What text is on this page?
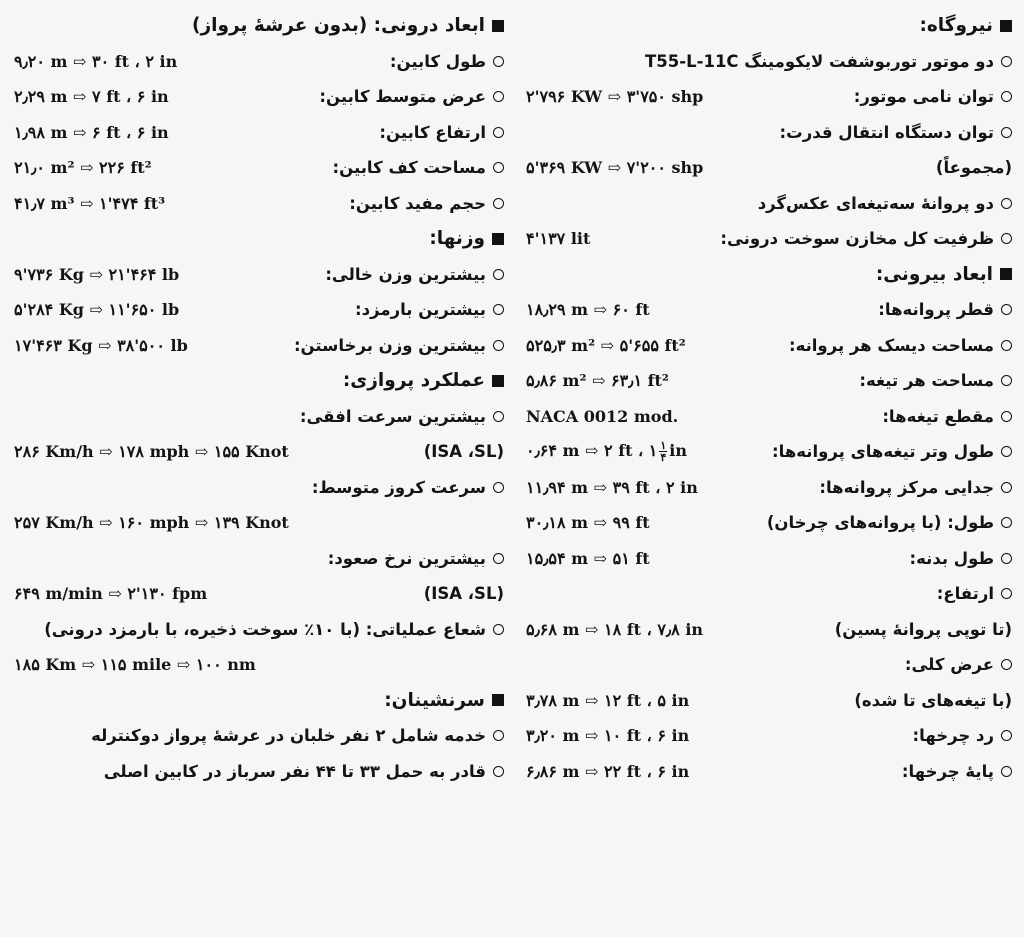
نیروگاه:
دو موتور توربوشفت لایکومینگ T55-L-11C
توان نامی موتور:
۲'۷۹۶ KW ⇨ ۳'۷۵۰ shp
توان دستگاه انتقال قدرت:
(مجموعاً)
۵'۳۶۹ KW ⇨ ۷'۲۰۰ shp
دو پروانهٔ سه‌تیغه‌ای عکس‌گرد
ظرفیت کل مخازن سوخت درونی:
۴'۱۳۷ lit
ابعاد بیرونی:
قطر پروانه‌ها:
۱۸٫۲۹ m ⇨ ۶۰ ft
مساحت دیسک هر پروانه:
۵۲۵٫۳ m² ⇨ ۵'۶۵۵ ft²
مساحت هر تیغه:
۵٫۸۶ m² ⇨ ۶۳٫۱ ft²
مقطع تیغه‌ها:
NACA 0012 mod.
طول وتر تیغه‌های پروانه‌ها:
۰٫۶۴ m ⇨ ۲ ft ، ۱ $\frac{۱}{۴}$ in
جدایی مرکز پروانه‌ها:
۱۱٫۹۴ m ⇨ ۳۹ ft ، ۲ in
طول: (با پروانه‌های چرخان)
۳۰٫۱۸ m ⇨ ۹۹ ft
طول بدنه:
۱۵٫۵۴ m ⇨ ۵۱ ft
ارتفاع:
(تا توپی پروانهٔ پسین)
۵٫۶۸ m ⇨ ۱۸ ft ، ۷٫۸ in
عرض کلی:
(با تیغه‌های تا شده)
۳٫۷۸ m ⇨ ۱۲ ft ، ۵ in
رد چرخها:
۳٫۲۰ m ⇨ ۱۰ ft ، ۶ in
پایهٔ چرخها:
۶٫۸۶ m ⇨ ۲۲ ft ، ۶ in
ابعاد درونی: (بدون عرشهٔ پرواز)
طول کابین:
۹٫۲۰ m ⇨ ۳۰ ft ، ۲ in
عرض متوسط کابین:
۲٫۲۹ m ⇨ ۷ ft ، ۶ in
ارتفاع کابین:
۱٫۹۸ m ⇨ ۶ ft ، ۶ in
مساحت کف کابین:
۲۱٫۰ m² ⇨ ۲۲۶ ft²
حجم مفید کابین:
۴۱٫۷ m³ ⇨ ۱'۴۷۴ ft³
وزنها:
بیشترین وزن خالی:
۹'۷۳۶ Kg ⇨ ۲۱'۴۶۴ lb
بیشترین بارمزد:
۵'۲۸۴ Kg ⇨ ۱۱'۶۵۰ lb
بیشترین وزن برخاستن:
۱۷'۴۶۳ Kg ⇨ ۳۸'۵۰۰ lb
عملکرد پروازی:
بیشترین سرعت افقی:
(ISA ،SL)
۲۸۶ Km/h ⇨ ۱۷۸ mph ⇨ ۱۵۵ Knot
سرعت کروز متوسط:
۲۵۷ Km/h ⇨ ۱۶۰ mph ⇨ ۱۳۹ Knot
بیشترین نرخ صعود:
(ISA ،SL)
۶۴۹ m/min ⇨ ۲'۱۳۰ fpm
شعاع عملیاتی: (با ۱۰٪ سوخت ذخیره، با بارمزد درونی)
۱۸۵ Km ⇨ ۱۱۵ mile ⇨ ۱۰۰ nm
سرنشینان:
خدمه شامل ۲ نفر خلبان در عرشهٔ پرواز دوکنترله
قادر به حمل ۳۳ تا ۴۴ نفر سرباز در کابین اصلی
